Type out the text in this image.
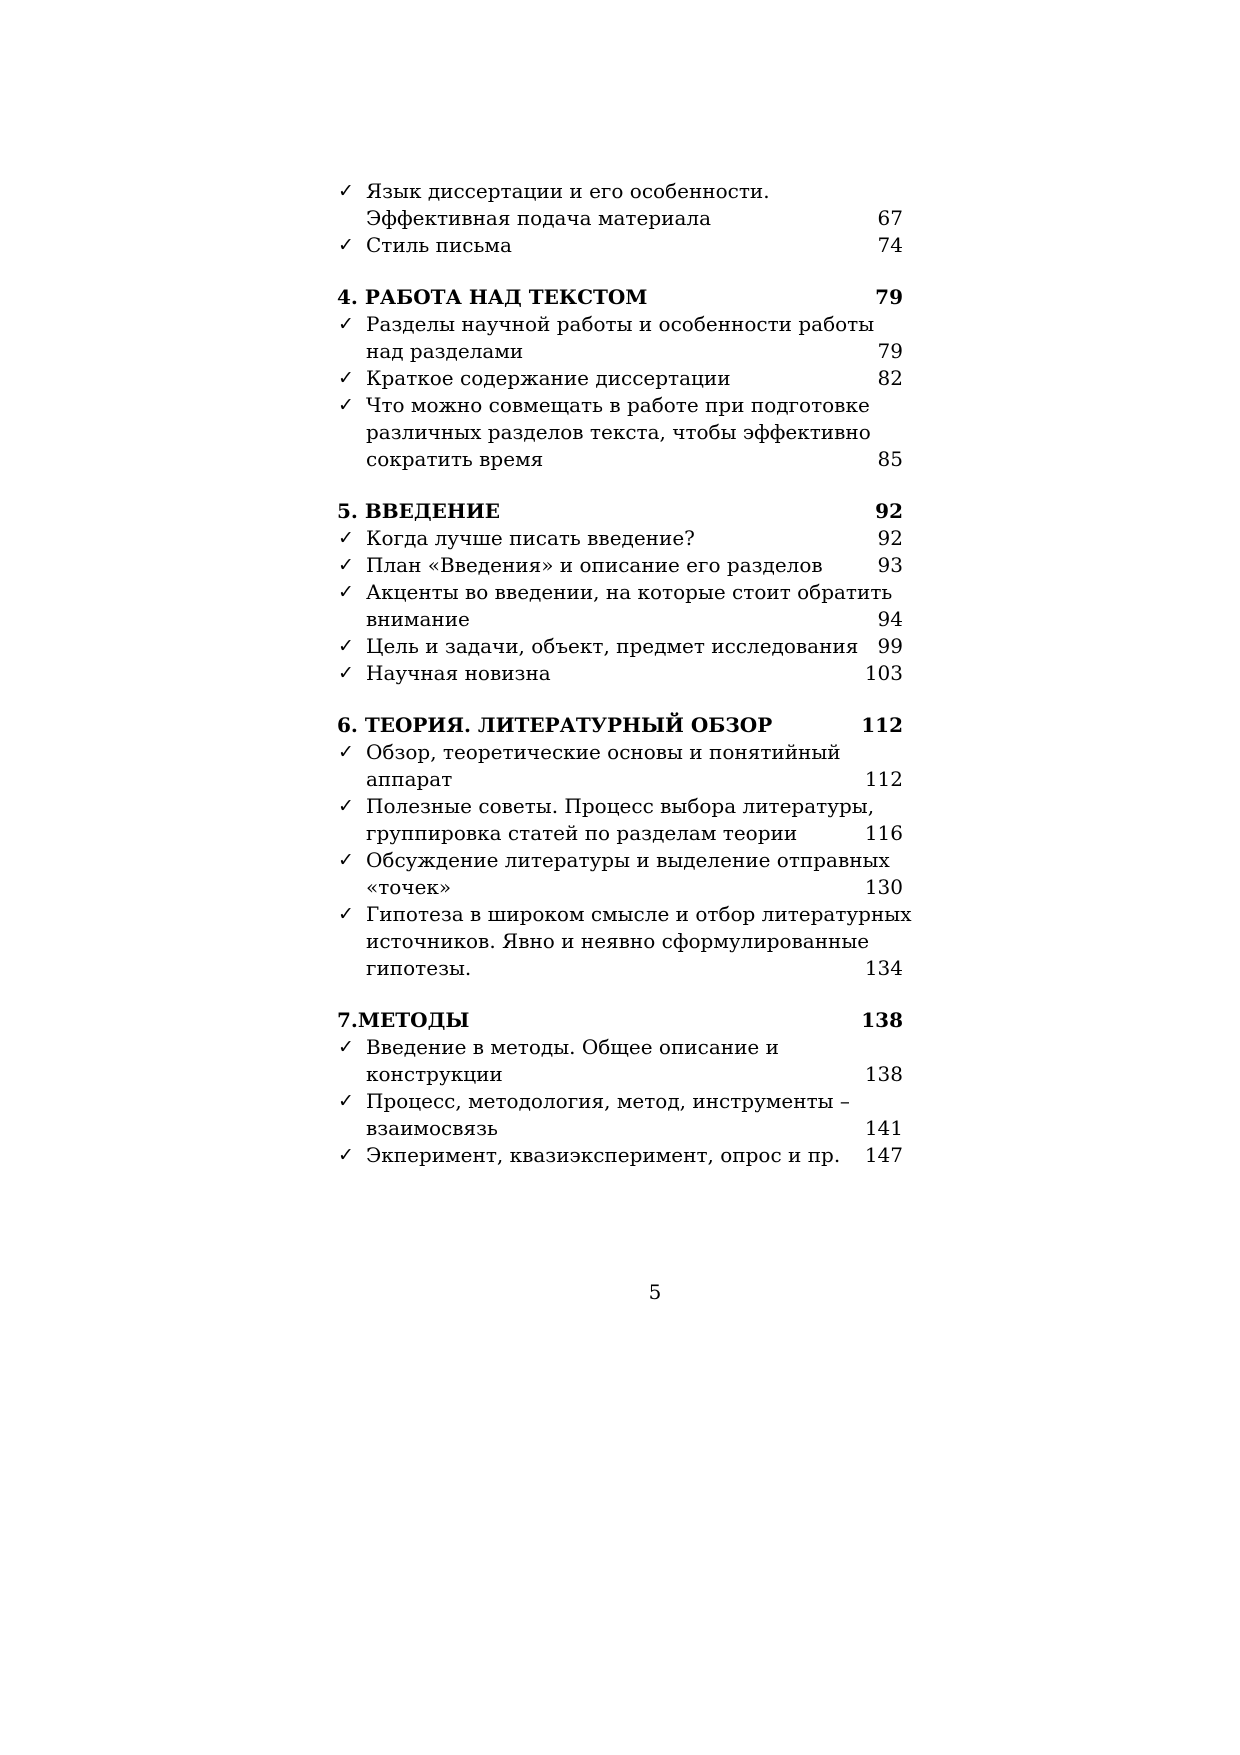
✓ Язык диссертации и его особенности.
Эффективная подача материала	67
✓ Стиль письма	74
4. РАБОТА НАД ТЕКСТОМ	79
✓ Разделы научной работы и особенности работы
над разделами	79
✓ Краткое содержание диссертации	82
✓ Что можно совмещать в работе при подготовке
различных разделов текста, чтобы эффективно
сократить время	85
5. ВВЕДЕНИЕ	92
✓ Когда лучше писать введение?	92
✓ План «Введения» и описание его разделов	93
✓ Акценты во введении, на которые стоит обратить
внимание	94
✓ Цель и задачи, объект, предмет исследования 99
✓ Научная новизна	103
6. ТЕОРИЯ. ЛИТЕРАТУРНЫЙ ОБЗОР	112
✓ Обзор, теоретические основы и понятийный
аппарат	112
✓ Полезные советы. Процесс выбора литературы,
группировка статей по разделам теории	116
✓ Обсуждение литературы и выделение отправных
«точек»	130
✓ Гипотеза в широком смысле и отбор литературных
источников. Явно и неявно сформулированные
гипотезы.	134
7.МЕТОДЫ	138
✓ Введение в методы. Общее описание и
конструкции	138
✓ Процесс, методология, метод, инструменты –
взаимосвязь	141
✓ Экперимент, квазиэксперимент, опрос и пр.	147
5
